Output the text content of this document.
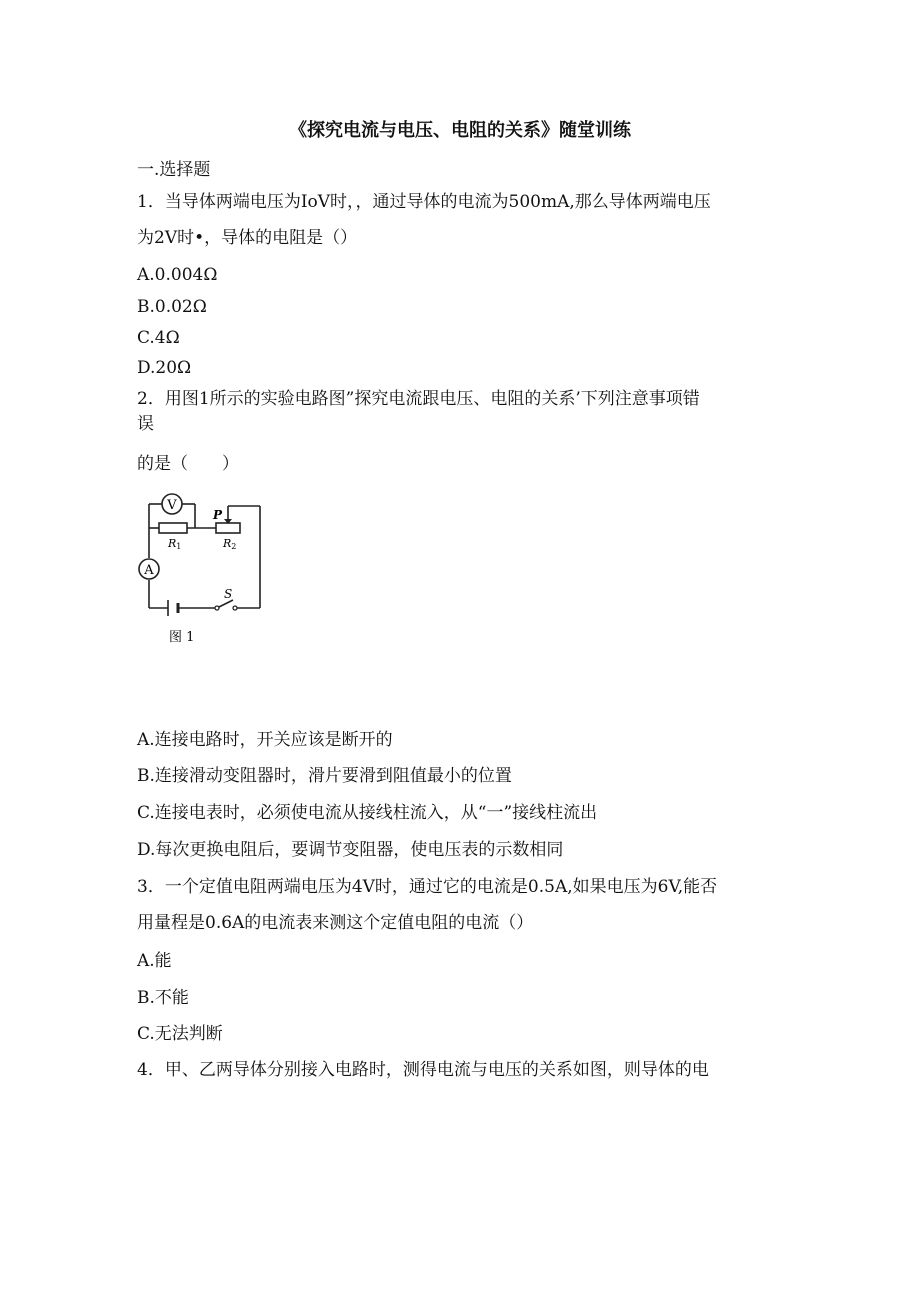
《探究电流与电压、电阻的关系》随堂训练
一.选择题
1．当导体两端电压为IoV时，，通过导体的电流为500mA,那么导体两端电压
为2V时•，导体的电阻是（）
A.0.004Ω
B.0.02Ω
C.4Ω
D.20Ω
2．用图1所示的实验电路图”探究电流跟电压、电阻的关系’下列注意事项错
误
的是（　　）
V
R1
P
R2
A
S
图 1
A.连接电路时，开关应该是断开的
B.连接滑动变阻器时，滑片要滑到阻值最小的位置
C.连接电表时，必须使电流从接线柱流入，从“一”接线柱流出
D.每次更换电阻后，要调节变阻器，使电压表的示数相同
3．一个定值电阻两端电压为4V时，通过它的电流是0.5A,如果电压为6V,能否
用量程是0.6A的电流表来测这个定值电阻的电流（）
A.能
B.不能
C.无法判断
4．甲、乙两导体分别接入电路时，测得电流与电压的关系如图，则导体的电
